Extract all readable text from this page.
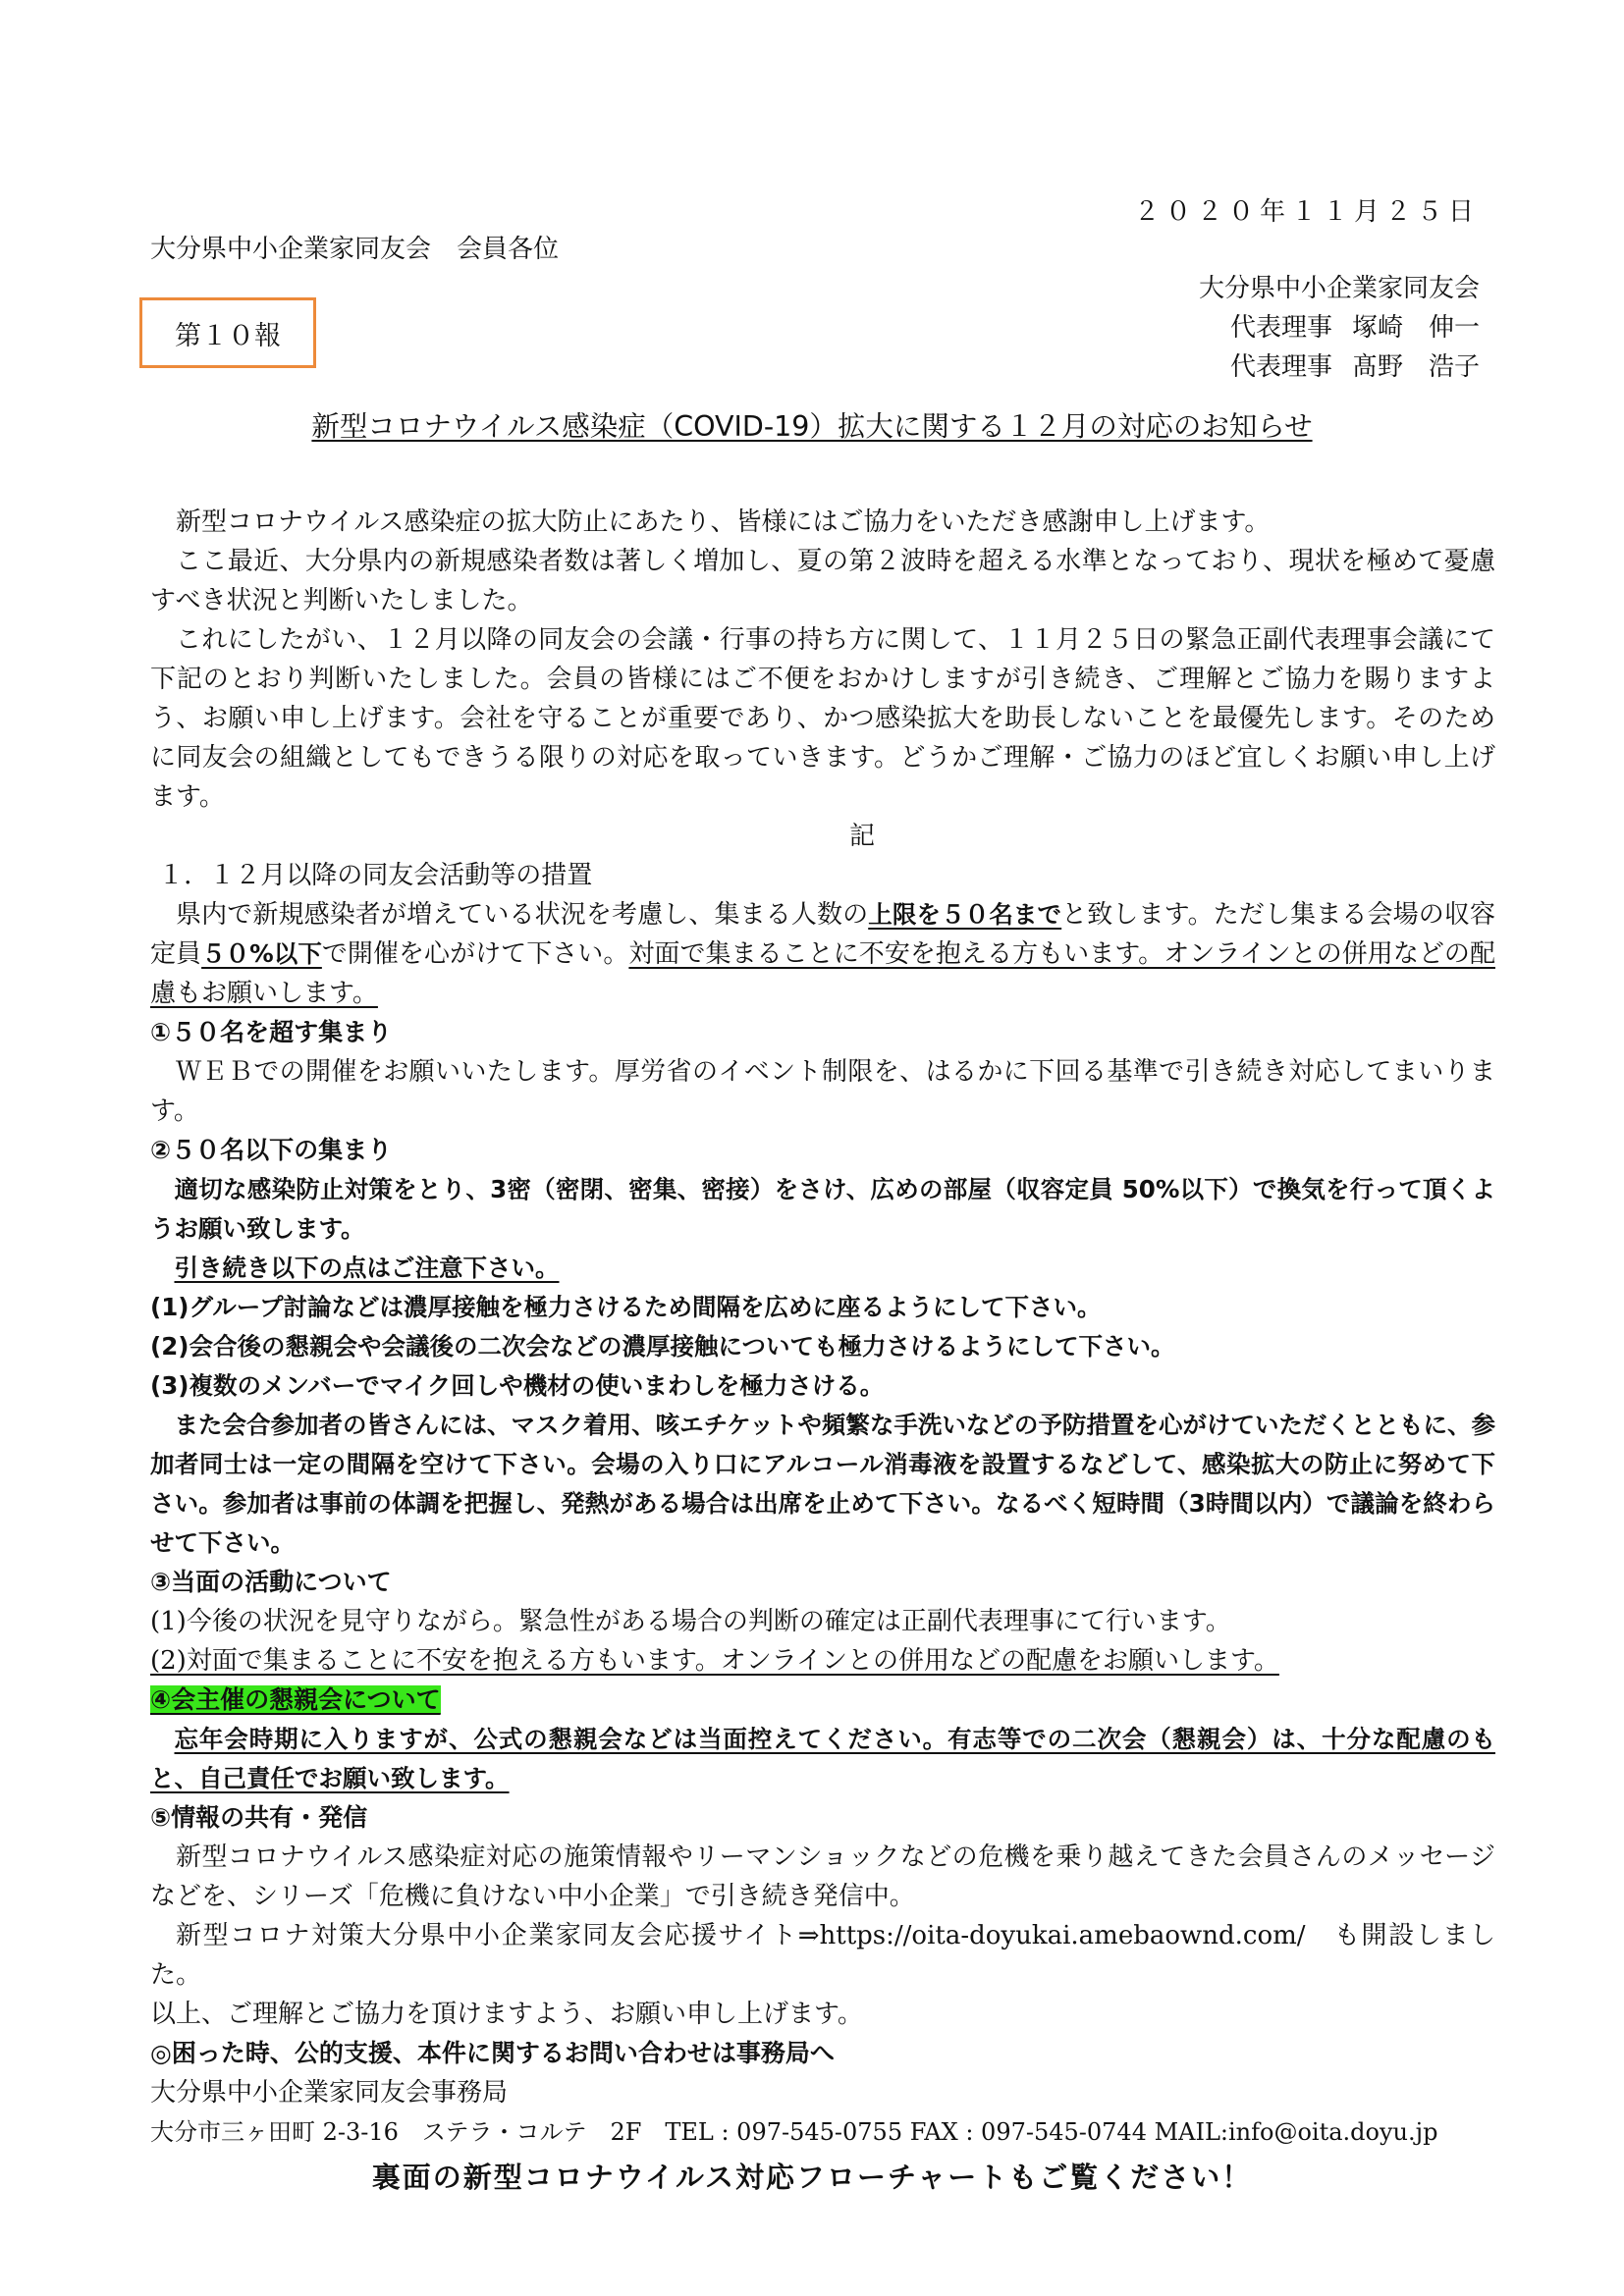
２０２０年１１月２５日
大分県中小企業家同友会　会員各位
大分県中小企業家同友会
代表理事 塚崎　伸一
代表理事 髙野　浩子
第１０報
新型コロナウイルス感染症（COVID-19）拡大に関する１２月の対応のお知らせ

新型コロナウイルス感染症の拡大防止にあたり、皆様にはご協力をいただき感謝申し上げます。

ここ最近、大分県内の新規感染者数は著しく増加し、夏の第２波時を超える水準となっており、現状を極めて憂慮すべき状況と判断いたしました。

これにしたがい、１２月以降の同友会の会議・行事の持ち方に関して、１１月２５日の緊急正副代表理事会議にて下記のとおり判断いたしました。会員の皆様にはご不便をおかけしますが引き続き、ご理解とご協力を賜りますよう、お願い申し上げます。会社を守ることが重要であり、かつ感染拡大を助長しないことを最優先します。そのために同友会の組織としてもできうる限りの対応を取っていきます。どうかご理解・ご協力のほど宜しくお願い申し上げます。

記

１．１２月以降の同友会活動等の措置

県内で新規感染者が増えている状況を考慮し、集まる人数の上限を５０名までと致します。ただし集まる会場の収容定員５０%以下で開催を心がけて下さい。対面で集まることに不安を抱える方もいます。オンラインとの併用などの配慮もお願いします。

①５０名を超す集まり

ＷＥＢでの開催をお願いいたします。厚労省のイベント制限を、はるかに下回る基準で引き続き対応してまいります。

②５０名以下の集まり

適切な感染防止対策をとり、3密（密閉、密集、密接）をさけ、広めの部屋（収容定員 50%以下）で換気を行って頂くようお願い致します。

引き続き以下の点はご注意下さい。

(1)グループ討論などは濃厚接触を極力さけるため間隔を広めに座るようにして下さい。

(2)会合後の懇親会や会議後の二次会などの濃厚接触についても極力さけるようにして下さい。

(3)複数のメンバーでマイク回しや機材の使いまわしを極力さける。

また会合参加者の皆さんには、マスク着用、咳エチケットや頻繁な手洗いなどの予防措置を心がけていただくとともに、参加者同士は一定の間隔を空けて下さい。会場の入り口にアルコール消毒液を設置するなどして、感染拡大の防止に努めて下さい。参加者は事前の体調を把握し、発熱がある場合は出席を止めて下さい。なるべく短時間（3時間以内）で議論を終わらせて下さい。

③当面の活動について

(1)今後の状況を見守りながら。緊急性がある場合の判断の確定は正副代表理事にて行います。

(2)対面で集まることに不安を抱える方もいます。オンラインとの併用などの配慮をお願いします。

④会主催の懇親会について

忘年会時期に入りますが、公式の懇親会などは当面控えてください。有志等での二次会（懇親会）は、十分な配慮のもと、自己責任でお願い致します。

⑤情報の共有・発信

新型コロナウイルス感染症対応の施策情報やリーマンショックなどの危機を乗り越えてきた会員さんのメッセージなどを、シリーズ「危機に負けない中小企業」で引き続き発信中。

新型コロナ対策大分県中小企業家同友会応援サイト⇒https://oita-doyukai.amebaownd.com/　も開設しました。

以上、ご理解とご協力を頂けますよう、お願い申し上げます。

◎困った時、公的支援、本件に関するお問い合わせは事務局へ

大分県中小企業家同友会事務局

大分市三ヶ田町 2-3-16　ステラ・コルテ　2F　TEL : 097-545-0755 FAX : 097-545-0744 MAIL:info@oita.doyu.jp

裏面の新型コロナウイルス対応フローチャートもご覧ください！
